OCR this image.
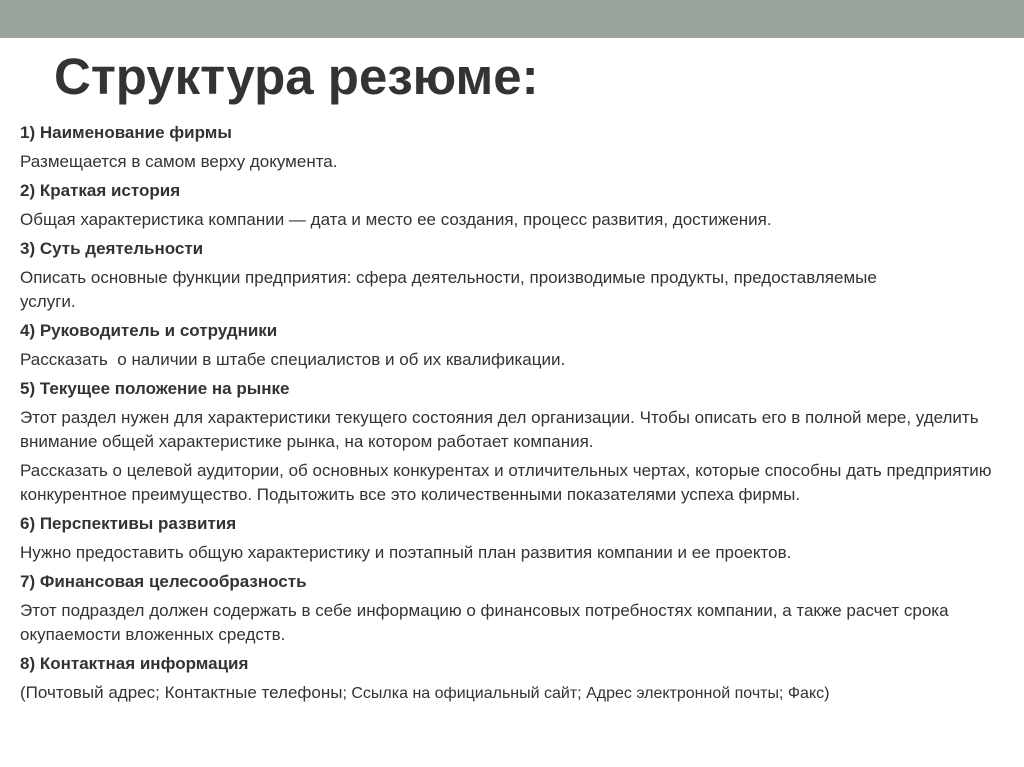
Структура резюме:
1) Наименование фирмы
Размещается в самом верху документа.
2) Краткая история
Общая характеристика компании — дата и место ее создания, процесс развития, достижения.
3) Суть деятельности
Описать основные функции предприятия: сфера деятельности, производимые продукты, предоставляемые услуги.
4) Руководитель и сотрудники
Рассказать  о наличии в штабе специалистов и об их квалификации.
5) Текущее положение на рынке
Этот раздел нужен для характеристики текущего состояния дел организации. Чтобы описать его в полной мере, уделить внимание общей характеристике рынка, на котором работает компания.
Рассказать о целевой аудитории, об основных конкурентах и отличительных чертах, которые способны дать предприятию конкурентное преимущество. Подытожить все это количественными показателями успеха фирмы.
6) Перспективы развития
Нужно предоставить общую характеристику и поэтапный план развития компании и ее проектов.
7) Финансовая целесообразность
Этот подраздел должен содержать в себе информацию о финансовых потребностях компании, а также расчет срока окупаемости вложенных средств.
8) Контактная информация
(Почтовый адрес; Контактные телефоны; Ссылка на официальный сайт; Адрес электронной почты; Факс)
